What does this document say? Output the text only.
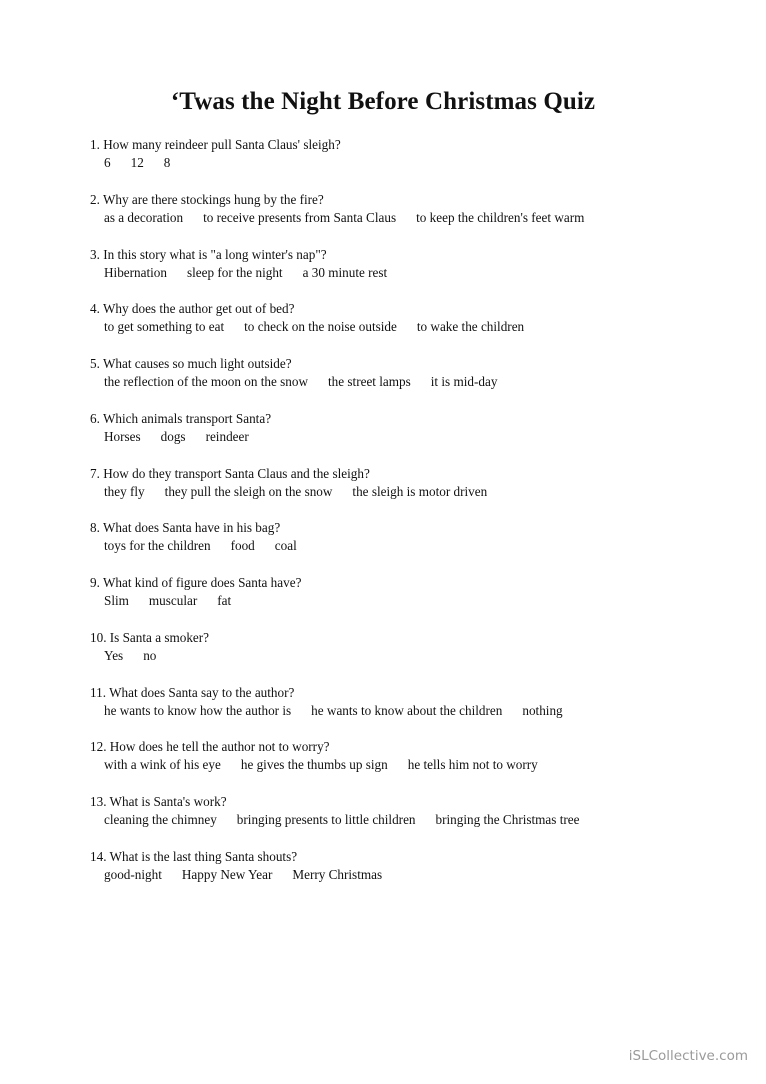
‘Twas the Night Before Christmas Quiz
1. How many reindeer pull Santa Claus' sleigh?
6 12 8
2. Why are there stockings hung by the fire?
as a decoration to receive presents from Santa Claus to keep the children's feet warm
3. In this story what is "a long winter's nap"?
Hibernation sleep for the night a 30 minute rest
4. Why does the author get out of bed?
to get something to eat to check on the noise outside to wake the children
5. What causes so much light outside?
the reflection of the moon on the snow the street lamps it is mid-day
6. Which animals transport Santa?
Horses dogs reindeer
7. How do they transport Santa Claus and the sleigh?
they fly they pull the sleigh on the snow the sleigh is motor driven
8. What does Santa have in his bag?
toys for the children food coal
9. What kind of figure does Santa have?
Slim muscular fat
10. Is Santa a smoker?
Yes no
11. What does Santa say to the author?
he wants to know how the author is he wants to know about the children nothing
12. How does he tell the author not to worry?
with a wink of his eye he gives the thumbs up sign he tells him not to worry
13. What is Santa's work?
cleaning the chimney bringing presents to little children bringing the Christmas tree
14. What is the last thing Santa shouts?
good-night Happy New Year Merry Christmas
iSLCollective.com
